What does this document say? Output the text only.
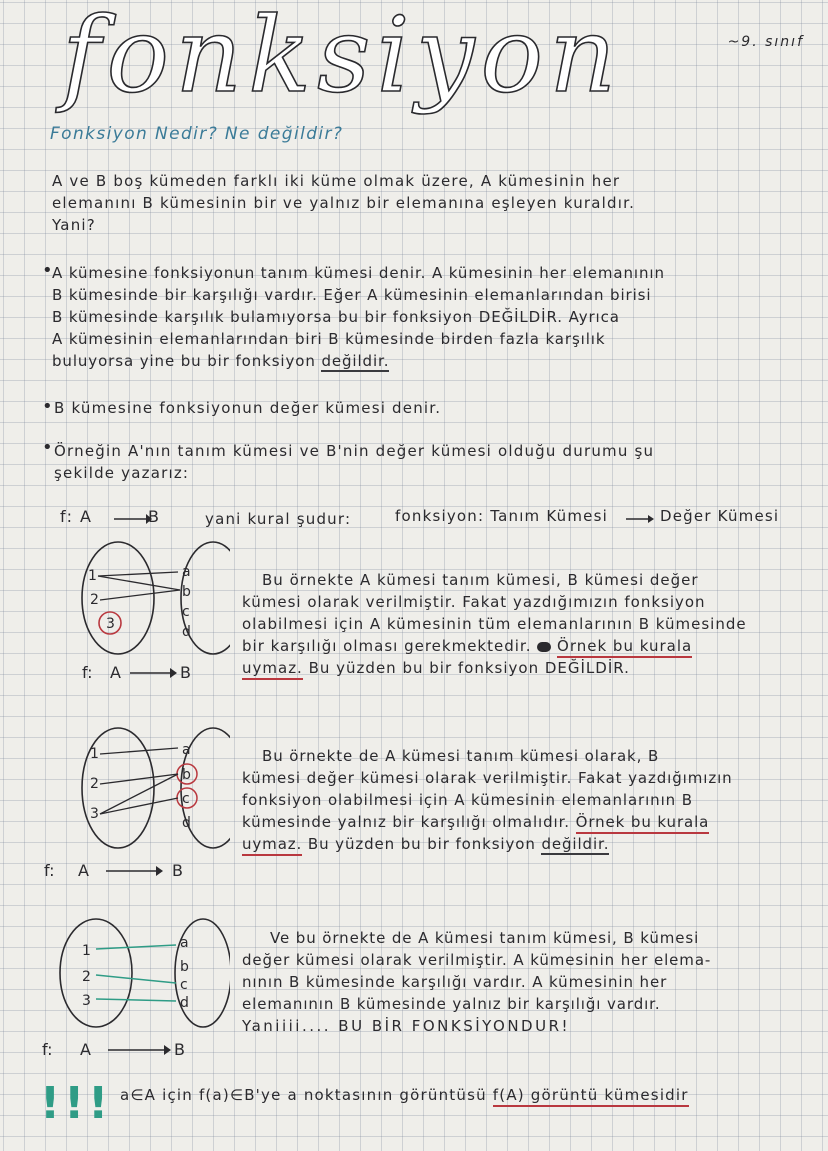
fonksiyon	~9. sınıf
Fonksiyon Nedir? Ne değildir?
A ve B boş kümeden farklı iki küme olmak üzere, A kümesinin her
elemanını B kümesinin bir ve yalnız bir elemanına eşleyen kuraldır.
Yani?
•
A kümesine fonksiyonun tanım kümesi denir. A kümesinin her elemanının
B kümesinde bir karşılığı vardır. Eğer A kümesinin elemanlarından birisi
B kümesinde karşılık bulamıyorsa bu bir fonksiyon DEĞİLDİR. Ayrıca
A kümesinin elemanlarından biri B kümesinde birden fazla karşılık
buluyorsa yine bu bir fonksiyon değildir.
• B kümesine fonksiyonun değer kümesi denir.
• Örneğin A'nın tanım kümesi ve B'nin değer kümesi olduğu durumu şu
şekilde yazarız:
f: A	B	yani kural şudur:	fonksiyon: Tanım Kümesi	Değer Kümesi
f: A	B
1
2
3
a
b
c
d
Bu örnekte A kümesi tanım kümesi, B kümesi değer
kümesi olarak verilmiştir. Fakat yazdığımızın fonksiyon
olabilmesi için A kümesinin tüm elemanlarının B kümesinde
bir karşılığı olması gerekmektedir. Örnek bu kurala
uymaz. Bu yüzden bu bir fonksiyon DEĞİLDİR.
f: A	B
1
2
3
a
b
c
d
Bu örnekte de A kümesi tanım kümesi olarak, B
kümesi değer kümesi olarak verilmiştir. Fakat yazdığımızın
fonksiyon olabilmesi için A kümesinin elemanlarının B
kümesinde yalnız bir karşılığı olmalıdır. Örnek bu kurala
uymaz. Bu yüzden bu bir fonksiyon değildir.
f: A	B
1
2
3
a
b
c
d
Ve bu örnekte de A kümesi tanım kümesi, B kümesi
değer kümesi olarak verilmiştir. A kümesinin her elema-
nının B kümesinde karşılığı vardır. A kümesinin her
elemanının B kümesinde yalnız bir karşılığı vardır.
Yaniiii.... BU BİR FONKSİYONDUR!
!!! a∈A için f(a)∈B'ye a noktasının görüntüsü f(A) görüntü kümesidir
